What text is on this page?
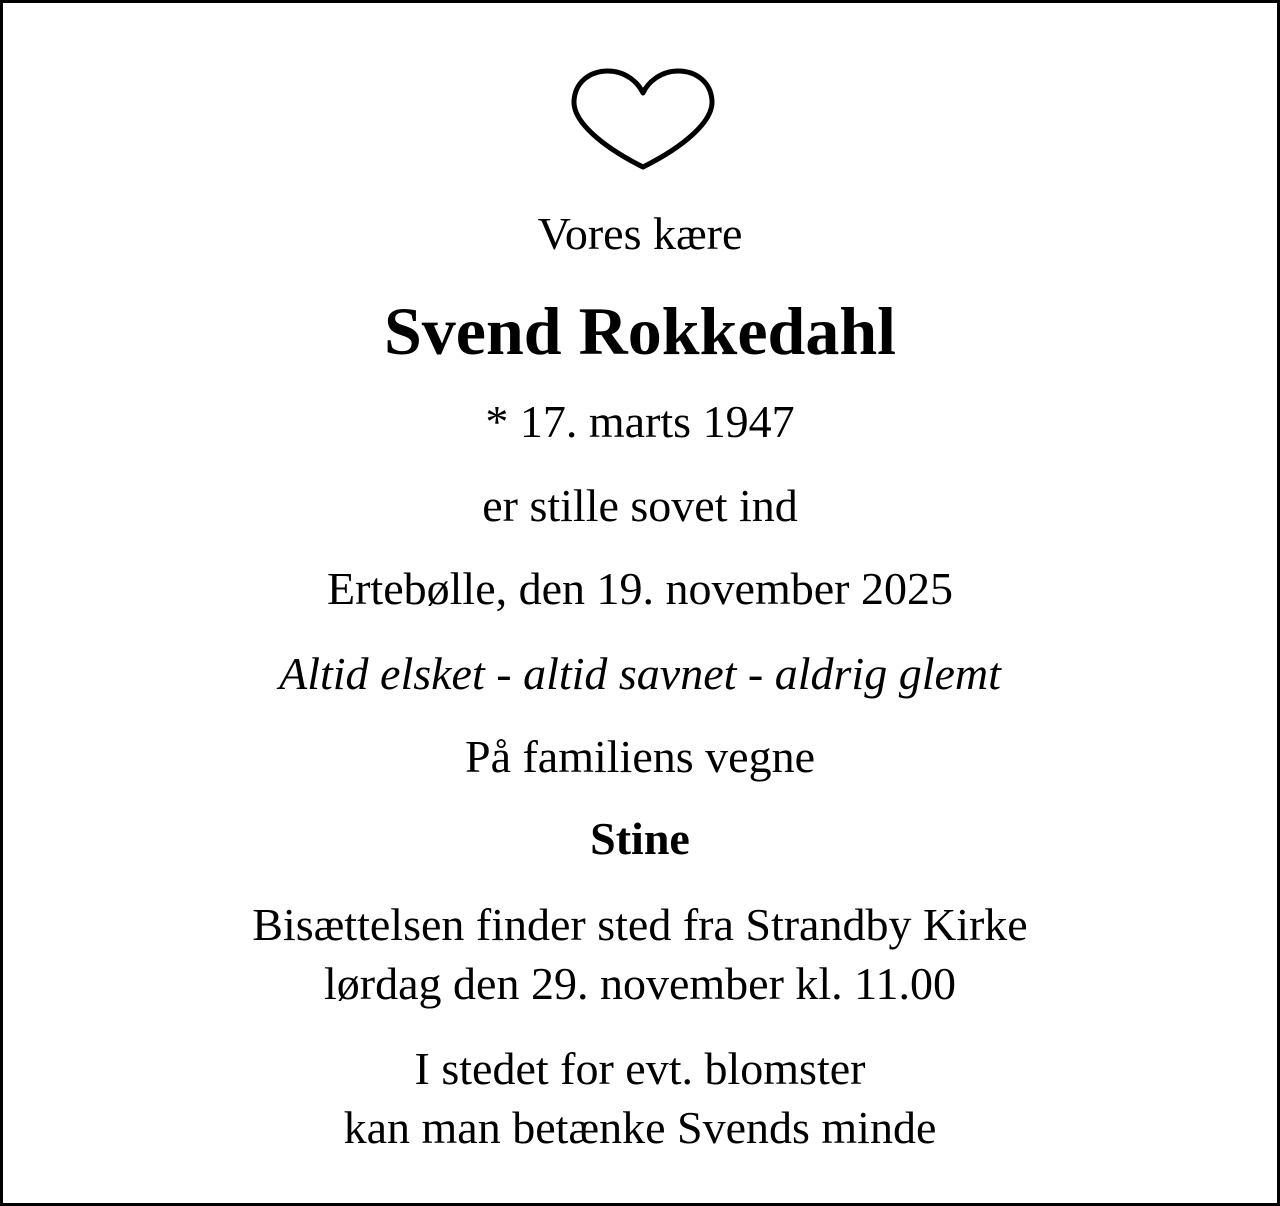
Vores kære
Svend Rokkedahl
* 17. marts 1947
er stille sovet ind
Ertebølle, den 19. november 2025
Altid elsket - altid savnet - aldrig glemt
På familiens vegne
Stine
Bisættelsen finder sted fra Strandby Kirke
lørdag den 29. november kl. 11.00
I stedet for evt. blomster
kan man betænke Svends minde
